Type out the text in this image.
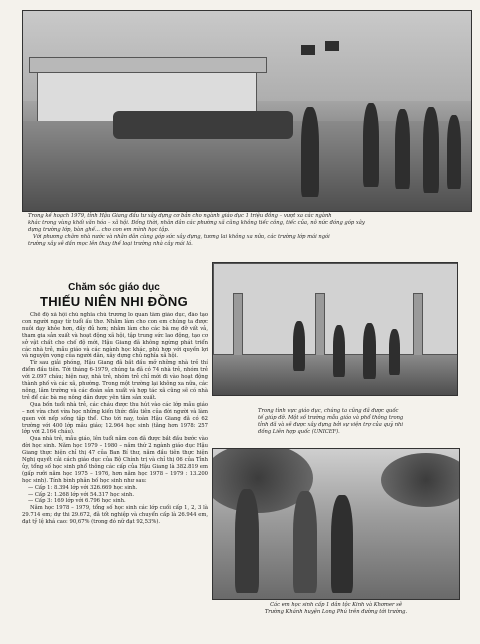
Trong kế hoạch 1979, tỉnh Hậu Giang đầu tư xây dựng cơ bản cho ngành giáo dục 1 triệu đồng – vượt xa các ngành
khác trong vùng khối văn hóa – xã hội. Đồng thời, nhân dân các phường xã cũng không tiếc công, tiếc của, nô nức đóng góp xây
dựng trường lớp, bàn ghế... cho con em mình học tập.
Với phương châm nhà nước và nhân dân cùng góp sức xây dựng, tương lai không xa nữa, các trường lớp mái ngói
trường xây sẽ dần mọc lên thay thế loại trường nhà cây mái lá.

Chăm sóc giáo dục
THIẾU NIÊN NHI ĐỒNG

Chế độ xã hội chủ nghĩa chủ trương lo quan tâm giáo dục, đào tạo con người ngay từ tuổi ấu thơ. Nhằm làm cho con em chúng ta được nuôi dạy khỏe hơn, đầy đủ hơn; nhằm làm cho các bà mẹ đỡ vất vả, tham gia sản xuất và hoạt động xã hội, tập trung sức lao động, tạo cơ sở vật chất cho chế độ mới, Hậu Giang đã không ngừng phát triển các nhà trẻ, mẫu giáo và các ngành học khác, phù hợp với quyền lợi và nguyện vọng của người dân, xây dựng chủ nghĩa xã hội.

Từ sau giải phóng, Hậu Giang đã bắt đầu mở những nhà trẻ thí điểm đầu tiên. Tới tháng 6-1979, chúng ta đã có 74 nhà trẻ, nhóm trẻ với 2.097 cháu; hiện nay, nhà trẻ, nhóm trẻ chỉ mới đi vào hoạt động thành phố và các xã, phường. Trong một trường lại không xa nữa, các nông, lâm trường và các đoàn sản xuất và hợp tác xã cũng sẽ có nhà trẻ để các bà mẹ nông dân được yên tâm sản xuất.

Qua bốn tuổi nhà trẻ, các cháu được thu hút vào các lớp mẫu giáo – nơi vừa chơi vừa học những kiến thức đầu tiên của đời người và làm quen với nếp sống tập thể. Cho tới nay, toàn Hậu Giang đã có 62 trường với 400 lớp mẫu giáo; 12.964 học sinh (tăng hơn 1978: 257 lớp với 2.164 cháu).

Qua nhà trẻ, mẫu giáo, lên tuổi năm con đã được bắt đầu bước vào đời học sinh. Năm học 1979 – 1980 – năm thứ 2 ngành giáo dục Hậu Giang thực hiện chỉ thị 47 của Ban Bí thư, năm đầu tiên thực hiện Nghị quyết cải cách giáo dục của Bộ Chính trị và chỉ thị 06 của Tỉnh ủy, tổng số học sinh phổ thông các cấp của Hậu Giang là 382.819 em (gấp rưỡi năm học 1975 – 1976, hơn năm học 1978 – 1979 : 13.200 học sinh). Tính bình phân bố học sinh như sau:

— Cấp 1: 8.394 lớp với 326.669 học sinh.
— Cấp 2: 1.268 lớp với 54.317 học sinh.
— Cấp 3: 169 lớp với 6.796 học sinh.

Năm học 1978 – 1979, tổng số học sinh các lớp cuối cấp 1, 2, 3 là 29.714 em; dự thi 29.672, đã tốt nghiệp và chuyển cấp là 26.944 em, đạt tỷ lệ khá cao: 90,67% (trong đó nữ đạt 92,53%).

Trong tình vực giáo dục, chúng ta cũng đã được quốc
tế giúp đỡ. Một số trường mẫu giáo và phổ thông trong
tỉnh đã và sẽ được xây dựng bởi sự viện trợ của quỹ nhi
đồng Liên hợp quốc (UNICEF).

Các em học sinh cấp 1 dân tộc Kinh và Khơmer sẽ
Trường Khánh huyện Long Phú trên đường tới trường.
